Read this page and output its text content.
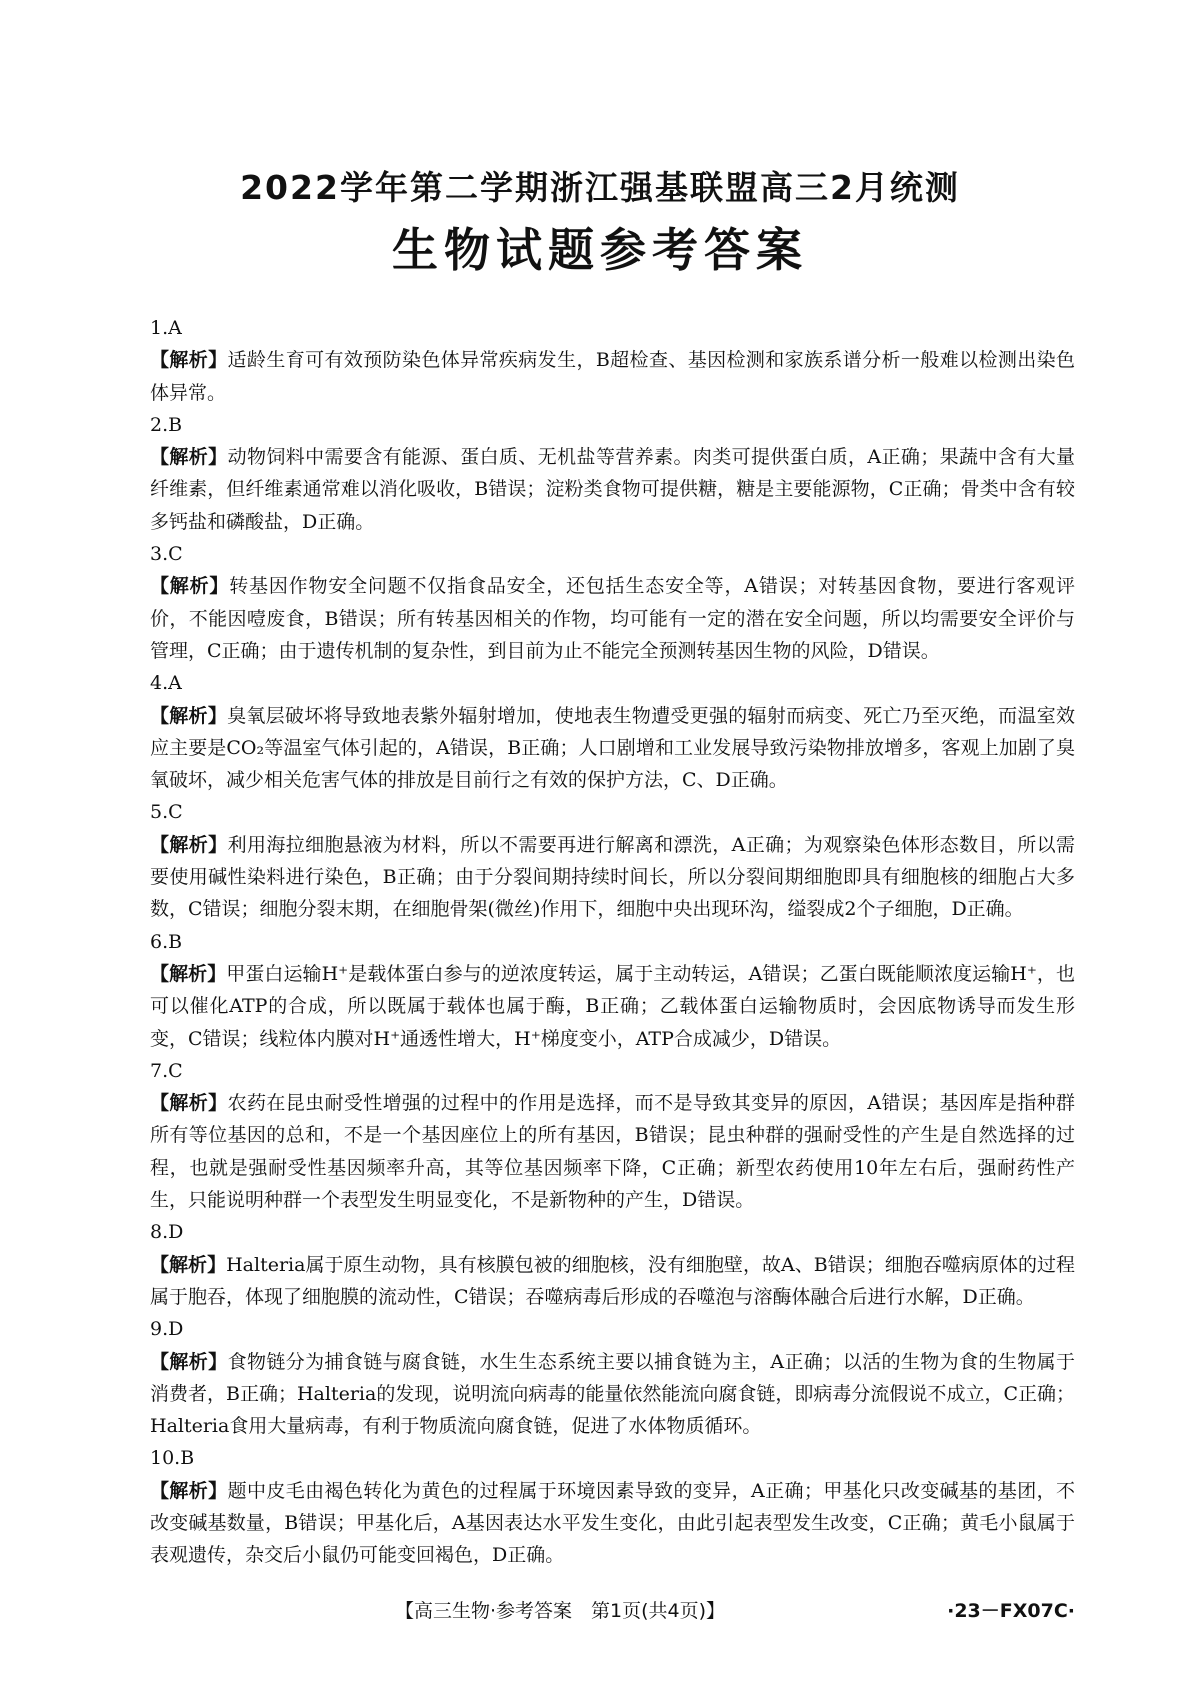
2022学年第二学期浙江强基联盟高三2月统测
生物试题参考答案

1.A

【解析】适龄生育可有效预防染色体异常疾病发生，B超检查、基因检测和家族系谱分析一般难以检测出染色体异常。

2.B

【解析】动物饲料中需要含有能源、蛋白质、无机盐等营养素。肉类可提供蛋白质，A正确；果蔬中含有大量纤维素，但纤维素通常难以消化吸收，B错误；淀粉类食物可提供糖，糖是主要能源物，C正确；骨类中含有较多钙盐和磷酸盐，D正确。

3.C

【解析】转基因作物安全问题不仅指食品安全，还包括生态安全等，A错误；对转基因食物，要进行客观评价，不能因噎废食，B错误；所有转基因相关的作物，均可能有一定的潜在安全问题，所以均需要安全评价与管理，C正确；由于遗传机制的复杂性，到目前为止不能完全预测转基因生物的风险，D错误。

4.A

【解析】臭氧层破坏将导致地表紫外辐射增加，使地表生物遭受更强的辐射而病变、死亡乃至灭绝，而温室效应主要是CO₂等温室气体引起的，A错误，B正确；人口剧增和工业发展导致污染物排放增多，客观上加剧了臭氧破坏，减少相关危害气体的排放是目前行之有效的保护方法，C、D正确。

5.C

【解析】利用海拉细胞悬液为材料，所以不需要再进行解离和漂洗，A正确；为观察染色体形态数目，所以需要使用碱性染料进行染色，B正确；由于分裂间期持续时间长，所以分裂间期细胞即具有细胞核的细胞占大多数，C错误；细胞分裂末期，在细胞骨架(微丝)作用下，细胞中央出现环沟，缢裂成2个子细胞，D正确。

6.B

【解析】甲蛋白运输H⁺是载体蛋白参与的逆浓度转运，属于主动转运，A错误；乙蛋白既能顺浓度运输H⁺，也可以催化ATP的合成，所以既属于载体也属于酶，B正确；乙载体蛋白运输物质时，会因底物诱导而发生形变，C错误；线粒体内膜对H⁺通透性增大，H⁺梯度变小，ATP合成减少，D错误。

7.C

【解析】农药在昆虫耐受性增强的过程中的作用是选择，而不是导致其变异的原因，A错误；基因库是指种群所有等位基因的总和，不是一个基因座位上的所有基因，B错误；昆虫种群的强耐受性的产生是自然选择的过程，也就是强耐受性基因频率升高，其等位基因频率下降，C正确；新型农药使用10年左右后，强耐药性产生，只能说明种群一个表型发生明显变化，不是新物种的产生，D错误。

8.D

【解析】Halteria属于原生动物，具有核膜包被的细胞核，没有细胞壁，故A、B错误；细胞吞噬病原体的过程属于胞吞，体现了细胞膜的流动性，C错误；吞噬病毒后形成的吞噬泡与溶酶体融合后进行水解，D正确。

9.D

【解析】食物链分为捕食链与腐食链，水生生态系统主要以捕食链为主，A正确；以活的生物为食的生物属于消费者，B正确；Halteria的发现，说明流向病毒的能量依然能流向腐食链，即病毒分流假说不成立，C正确；Halteria食用大量病毒，有利于物质流向腐食链，促进了水体物质循环。

10.B

【解析】题中皮毛由褐色转化为黄色的过程属于环境因素导致的变异，A正确；甲基化只改变碱基的基团，不改变碱基数量，B错误；甲基化后，A基因表达水平发生变化，由此引起表型发生改变，C正确；黄毛小鼠属于表观遗传，杂交后小鼠仍可能变回褐色，D正确。

【高三生物·参考答案　第1页(共4页)】	·23－FX07C·
